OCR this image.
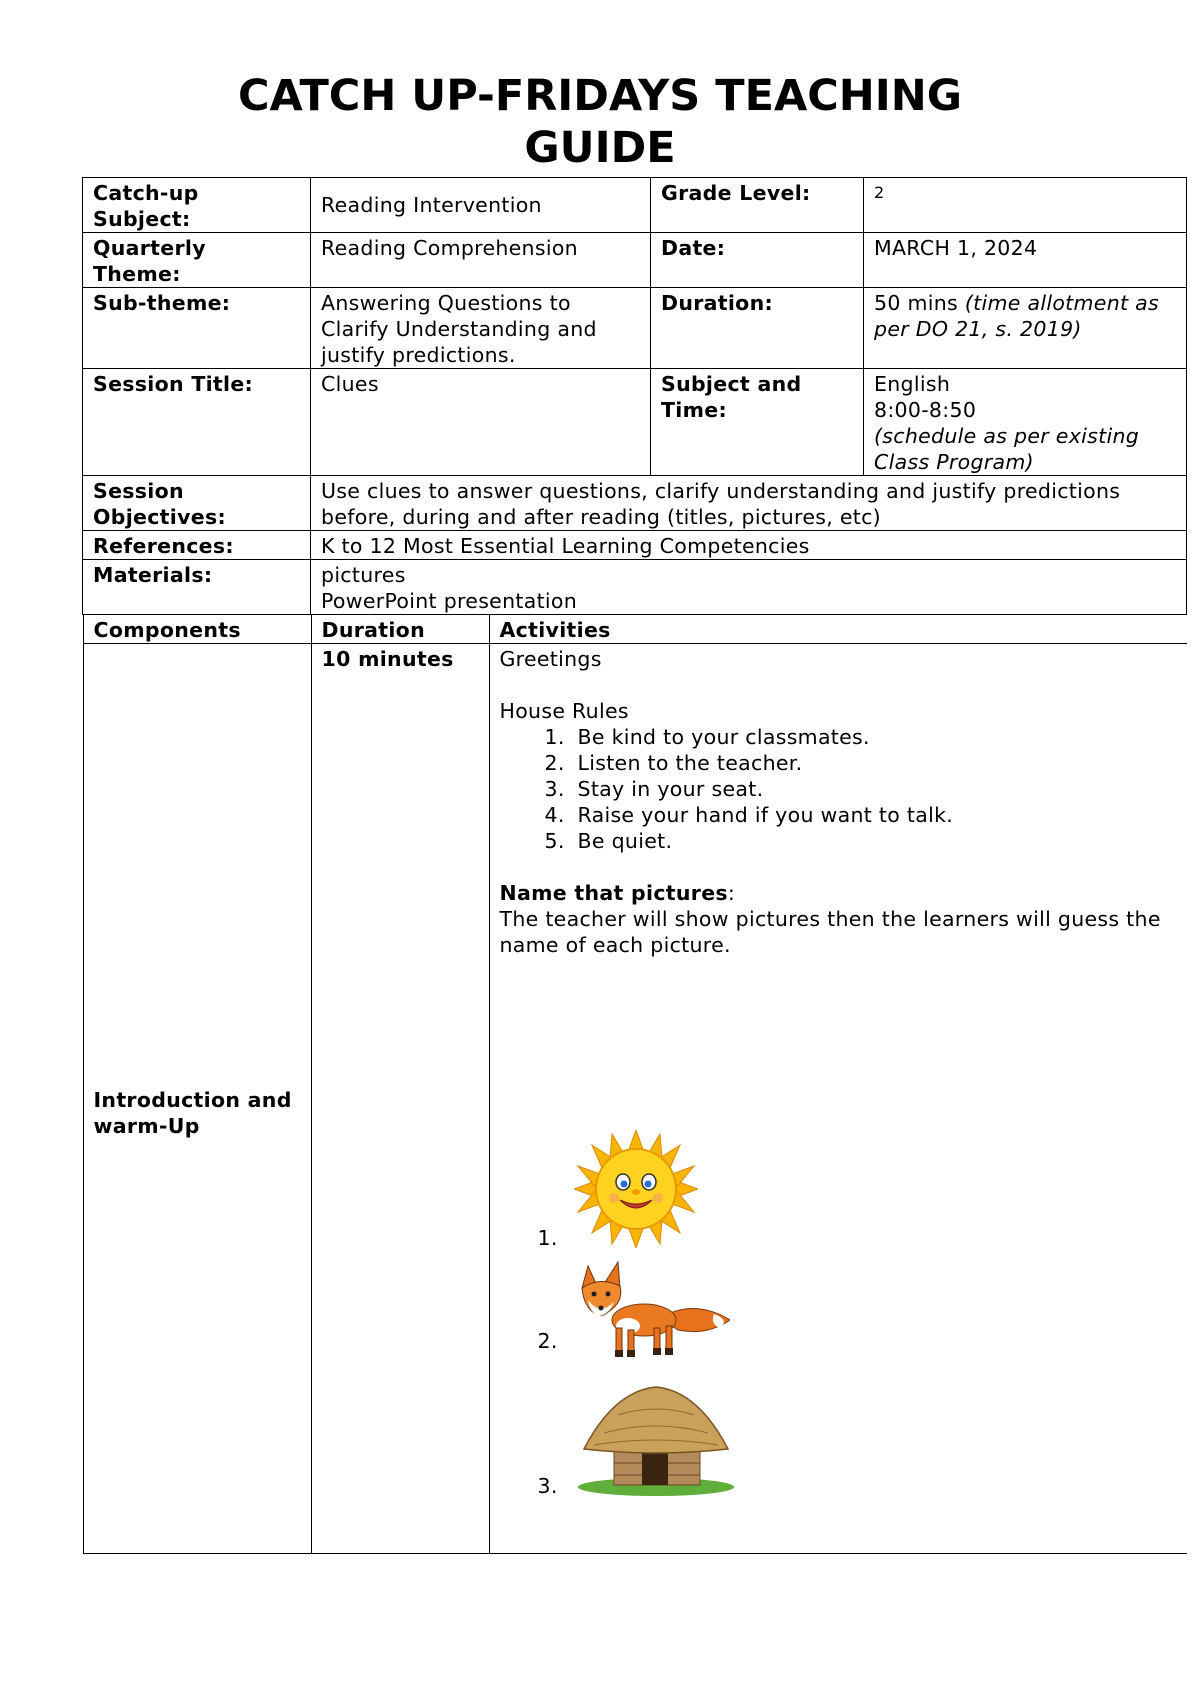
CATCH UP-FRIDAYS TEACHING
GUIDE
Catch-up Subject:	Reading Intervention	Grade Level:	2
Quarterly Theme:	Reading Comprehension	Date:	MARCH 1, 2024
Sub-theme:	Answering Questions to Clarify Understanding and justify predictions.	Duration:	50 mins (time allotment as per DO 21, s. 2019)
Session Title:	Clues	Subject and Time:	
English
8:00-8:50
(schedule as per existing Class Program)
Session Objectives:	Use clues to answer questions, clarify understanding and justify predictions before, during and after reading (titles, pictures, etc)
References:	K to 12 Most Essential Learning Competencies
Materials:	pictures
PowerPoint presentation

Components	Duration	Activities
Introduction and warm-Up	10 minutes	Greetings
House Rules
1. Be kind to your classmates.
2. Listen to the teacher.
3. Stay in your seat.
4. Raise your hand if you want to talk.
5. Be quiet.
Name that pictures:
The teacher will show pictures then the learners will guess the name of each picture.
1.
2.
3.
